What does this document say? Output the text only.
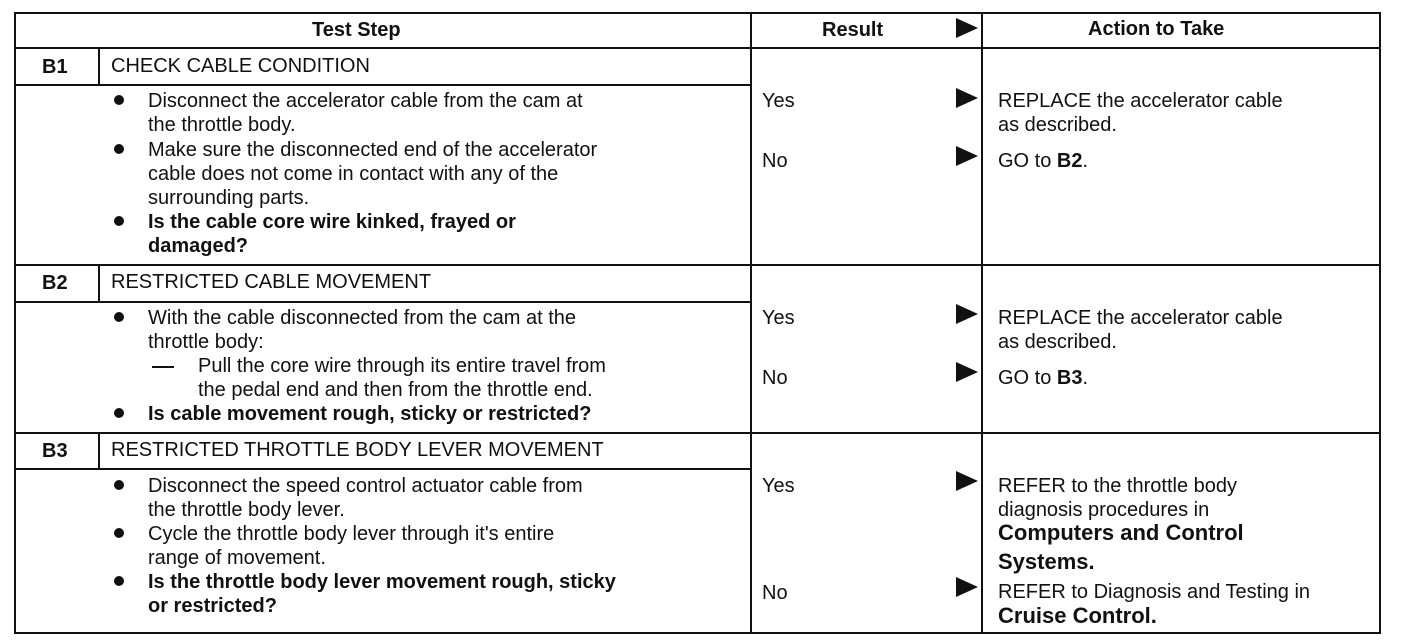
Test Step	Result	Action to Take
B1 CHECK CABLE CONDITION
Disconnect the accelerator cable from the cam at
the throttle body.
Make sure the disconnected end of the accelerator
cable does not come in contact with any of the
surrounding parts.
Is the cable core wire kinked, frayed or
damaged?
Yes	REPLACE the accelerator cable
as described.
No	GO to B2.
B2 RESTRICTED CABLE MOVEMENT
With the cable disconnected from the cam at the
throttle body:
Pull the core wire through its entire travel from
the pedal end and then from the throttle end.
Is cable movement rough, sticky or restricted?
Yes	REPLACE the accelerator cable
as described.
No	GO to B3.
B3 RESTRICTED THROTTLE BODY LEVER MOVEMENT
Disconnect the speed control actuator cable from
the throttle body lever.
Cycle the throttle body lever through it's entire
range of movement.
Is the throttle body lever movement rough, sticky
or restricted?
Yes	REFER to the throttle body
diagnosis procedures in
Computers and Control
Systems.
No	REFER to Diagnosis and Testing in
Cruise Control.
